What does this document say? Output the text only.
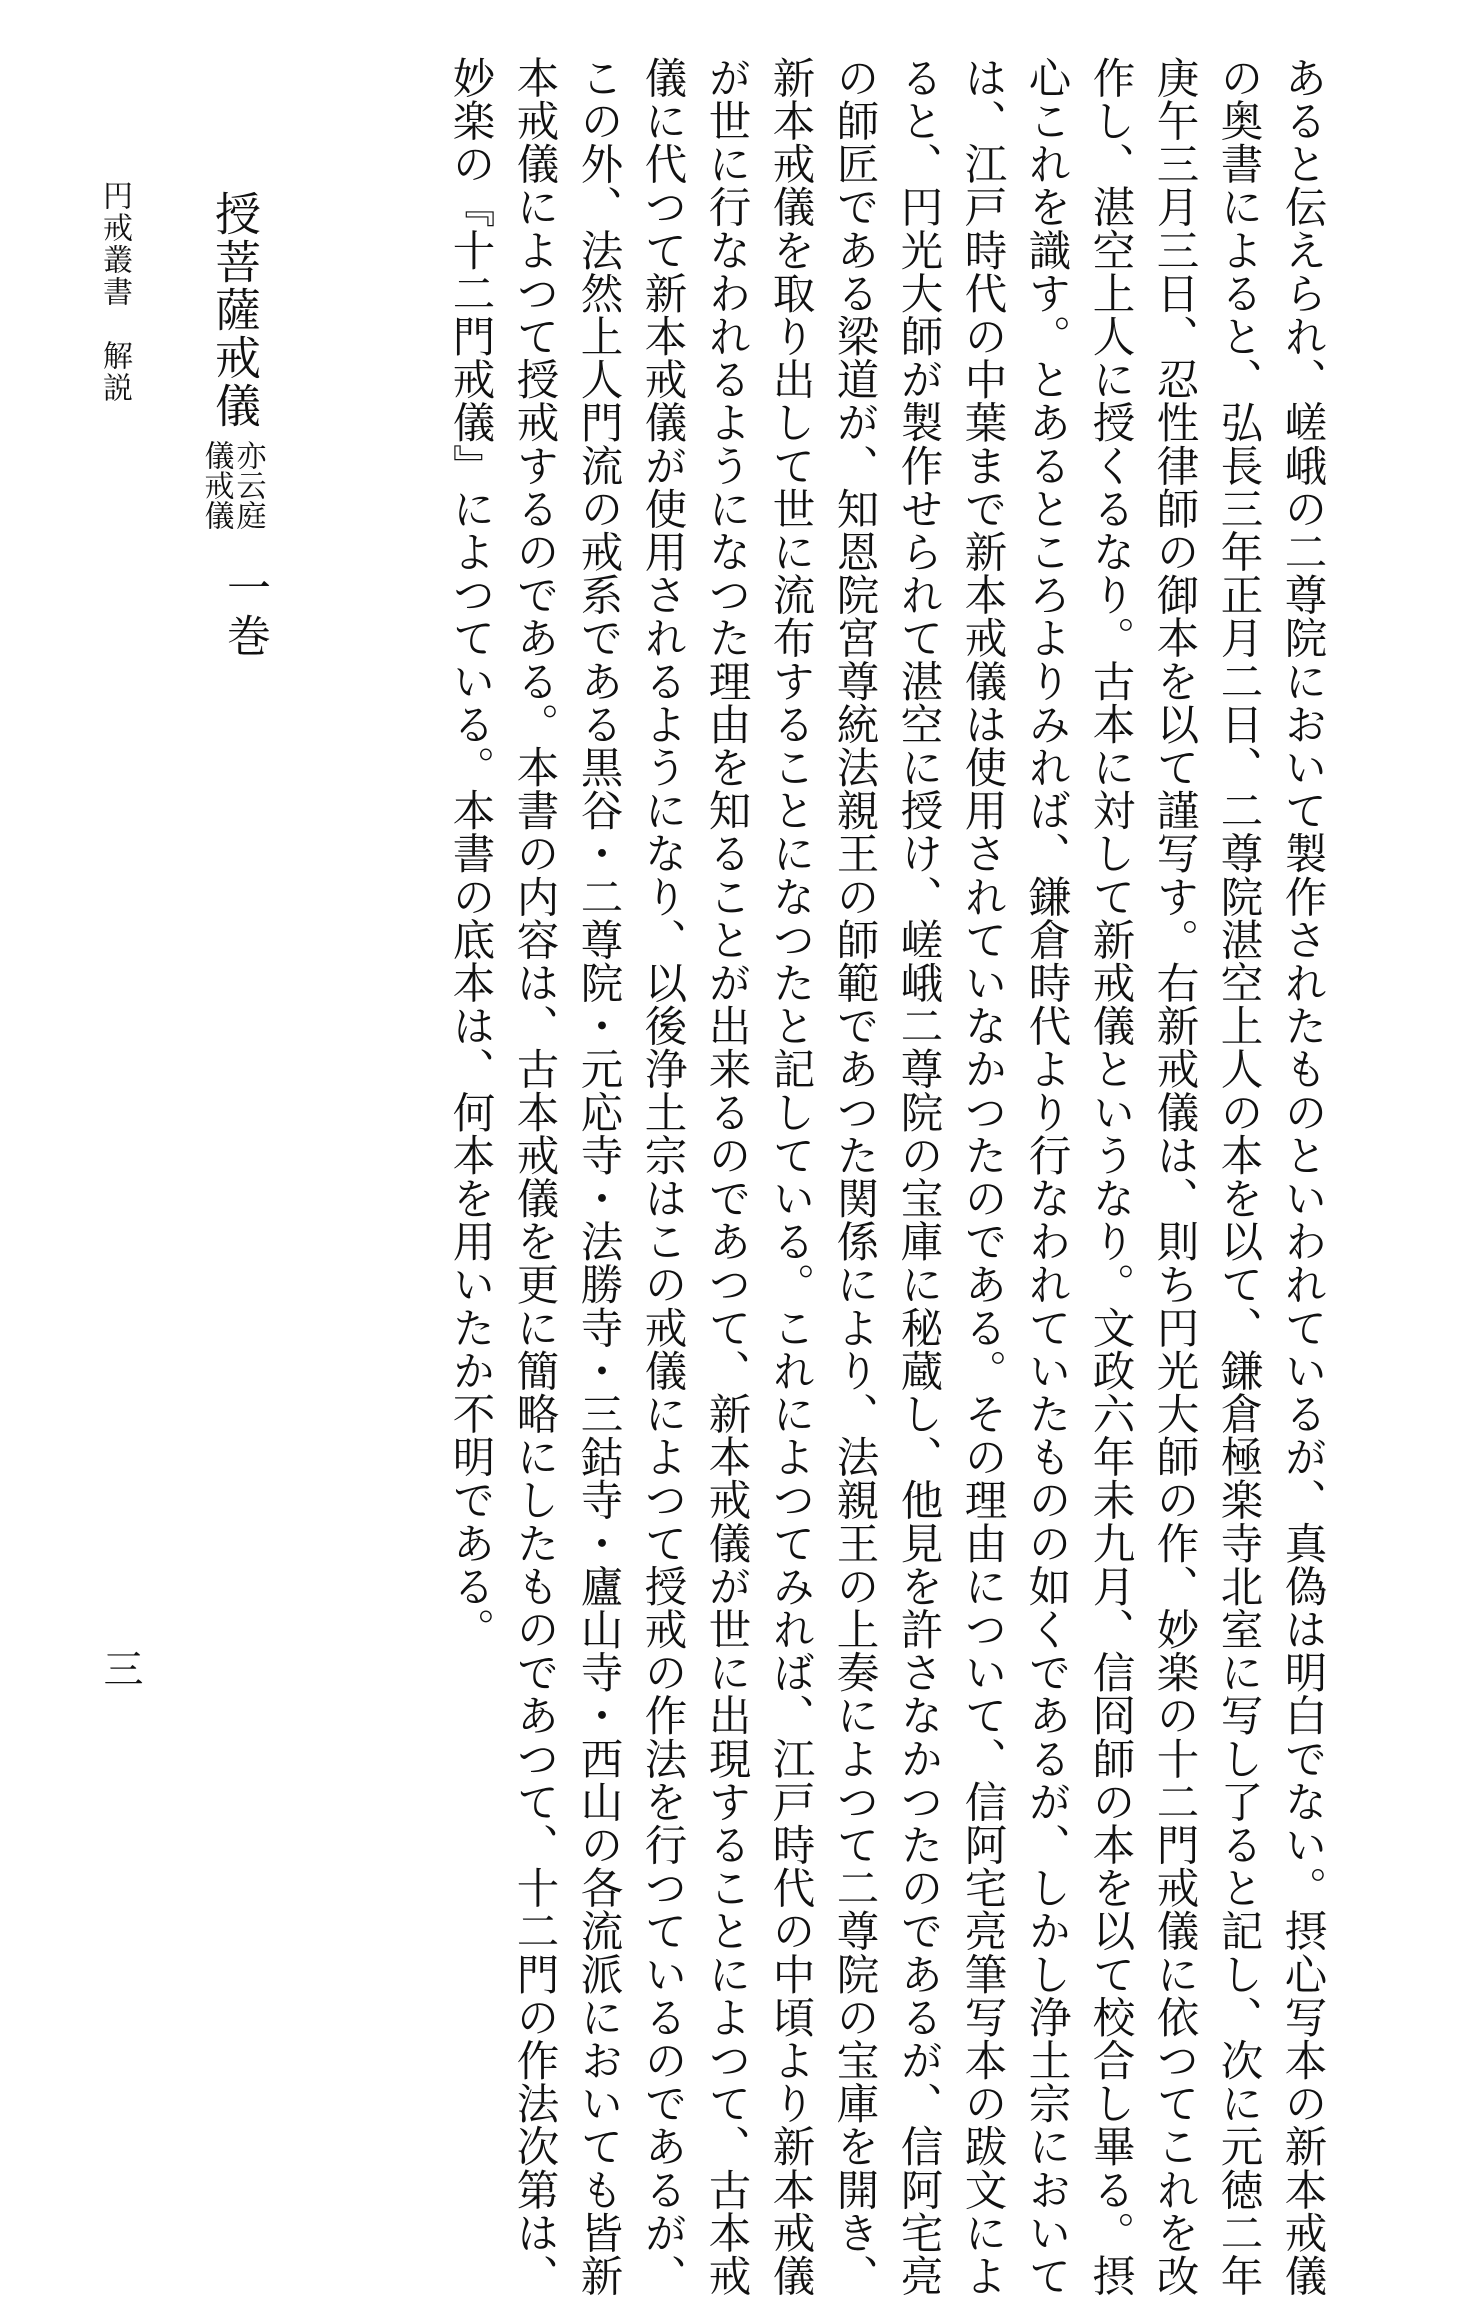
あると伝えられ、嵯峨の二尊院において製作されたものといわれているが、真偽は明白でない。摂心写本の新本戒儀

の奥書によると、弘長三年正月二日、二尊院湛空上人の本を以て、鎌倉極楽寺北室に写し了ると記し、次に元徳二年

庚午三月三日、忍性律師の御本を以て謹写す。右新戒儀は、則ち円光大師の作、妙楽の十二門戒儀に依つてこれを改

作し、湛空上人に授くるなり。古本に対して新戒儀というなり。文政六年未九月、信冏師の本を以て校合し畢る。摂

心これを識す。とあるところよりみれば、鎌倉時代より行なわれていたものの如くであるが、しかし浄土宗において

は、江戸時代の中葉まで新本戒儀は使用されていなかつたのである。その理由について、信阿宅亮筆写本の跋文によ

ると、円光大師が製作せられて湛空に授け、嵯峨二尊院の宝庫に秘蔵し、他見を許さなかつたのであるが、信阿宅亮

の師匠である梁道が、知恩院宮尊統法親王の師範であつた関係により、法親王の上奏によつて二尊院の宝庫を開き、

新本戒儀を取り出して世に流布することになつたと記している。これによつてみれば、江戸時代の中頃より新本戒儀

が世に行なわれるようになつた理由を知ることが出来るのであつて、新本戒儀が世に出現することによつて、古本戒

儀に代つて新本戒儀が使用されるようになり、以後浄土宗はこの戒儀によつて授戒の作法を行つているのであるが、

この外、法然上人門流の戒系である黒谷・二尊院・元応寺・法勝寺・三鈷寺・廬山寺・西山の各流派においても皆新

本戒儀によつて授戒するのである。本書の内容は、古本戒儀を更に簡略にしたものであつて、十二門の作法次第は、

妙楽の『十二門戒儀』によつている。本書の底本は、何本を用いたか不明である。

授菩薩戒儀
亦云庭
儀戒儀
一巻
円戒叢書　解説
三
